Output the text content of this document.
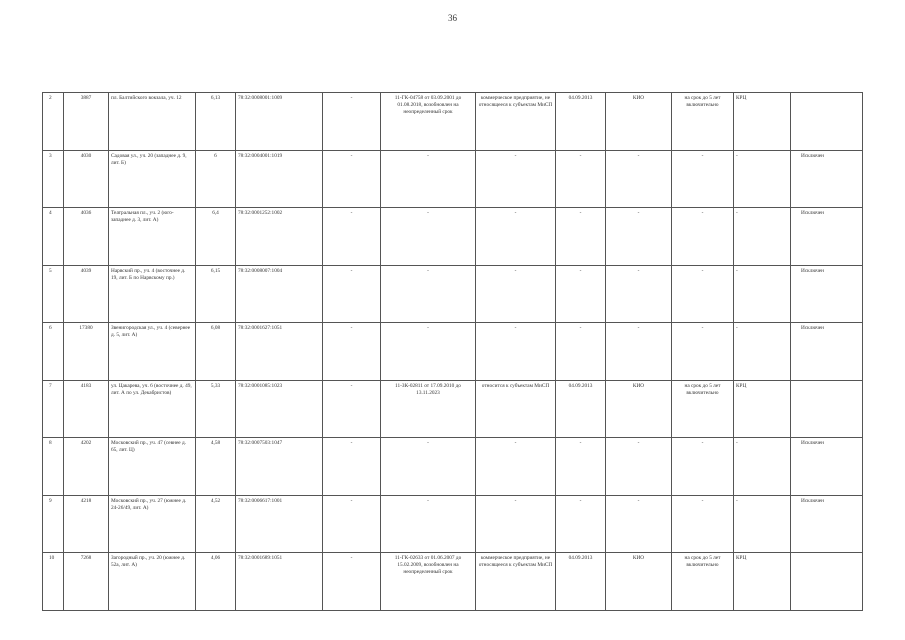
36
2	3887	пл. Балтийского вокзала, уч. 12	6,13	78:32:0008001:1009	-	11-ГК-04758 от 03.09.2001 до 01.08.2018, возобновлен на неопределенный срок	коммерческое предприятие, не относящееся к субъектам МиСП	04.09.2013	КИО	на срок до 5 лет включительно	КРЦ	
3	4030	Садовая ул., уч. 20 (западнее д. 9, лит. Б)	6	78:32:0004001:1019	-	-	-	-	-	-	-	Исключен
4	4036	Театральная пл., уч. 2 (юго-западнее д. 3, лит. А)	6,4	78:32:0001252:1002	-	-	-	-	-	-	-	Исключен
5	4039	Нарвский пр., уч. 4 (восточнее д. 19, лит. Б по Нарвскому пр.)	6,15	78:32:0008007:1004	-	-	-	-	-	-	-	Исключен
6	17380	Звенигородская ул., уч. 4 (севернее д. 5, лит. А)	6,08	78:32:0001627:1051	-	-	-	-	-	-	-	Исключен
7	4183	ул. Цакарева, уч. 6 (восточнее д. 49, лит. А по ул. Декабристов)	5,33	78:32:0001085:1023	-	11-ЗК-02811 от 17.09.2010 до 13.11.2023	относится к субъектам МиСП	04.09.2013	КИО	на срок до 5 лет включительно	КРЦ	
8	4202	Московский пр., уч. 47 (севнее д. 65, лит. Ц)	4,58	78:32:0007503:1047	-	-	-	-	-	-	-	Исключен
9	4218	Московский пр., уч. 27 (южнее д. 24-26/49, лит. А)	4,52	78:32:0006617:1001	-	-	-	-	-	-	-	Исключен
10	7268	Загородный пр., уч. 20 (южнее д. 52а, лит. А)	4,06	78:32:0001689:1051	-	11-ГК-02633 от 01.06.2007 до 15.02.2009, возобновлен на неопределенный срок	коммерческое предприятие, не относящееся к субъектам МиСП	04.09.2013	КИО	на срок до 5 лет включительно	КРЦ	
